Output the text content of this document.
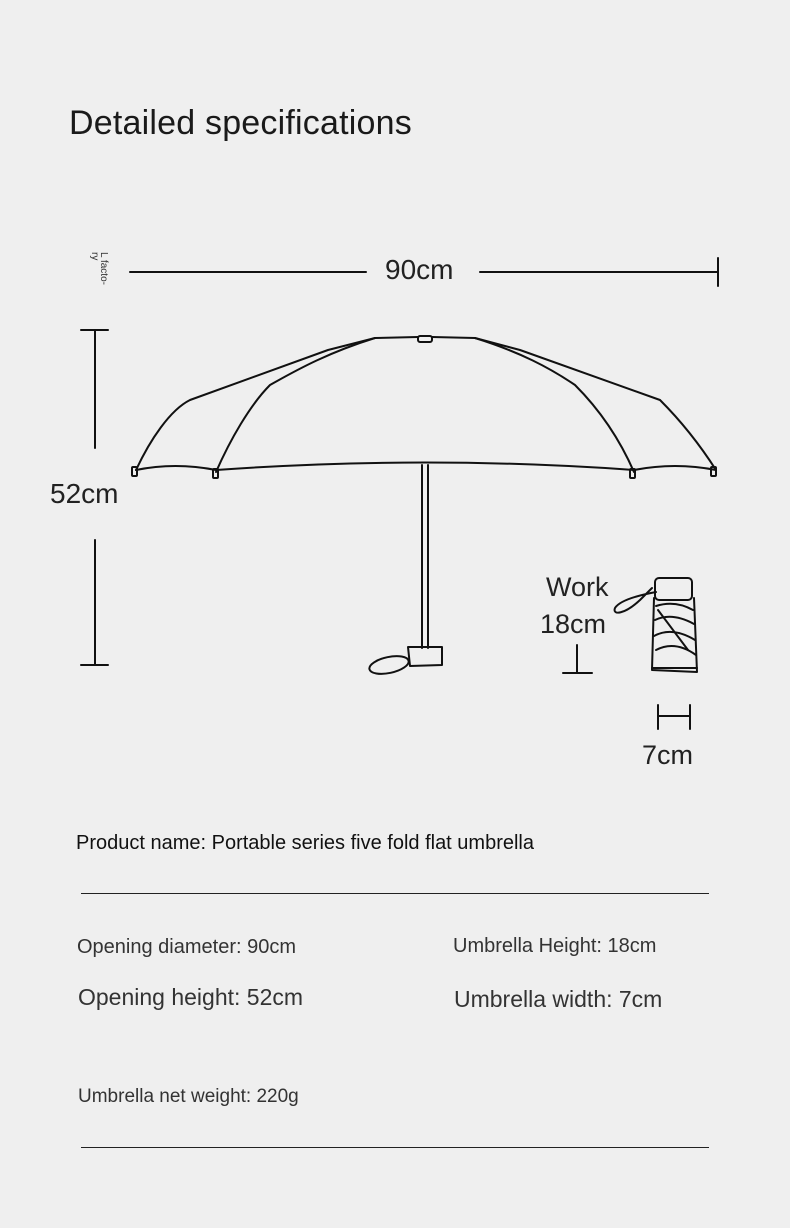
Detailed specifications
L facto-ry	90cm
52cm
Work
18cm
7cm
Product name: Portable series five fold flat umbrella
Opening diameter: 90cm	Umbrella Height: 18cm
Opening height: 52cm	Umbrella width: 7cm
Umbrella net weight: 220g
